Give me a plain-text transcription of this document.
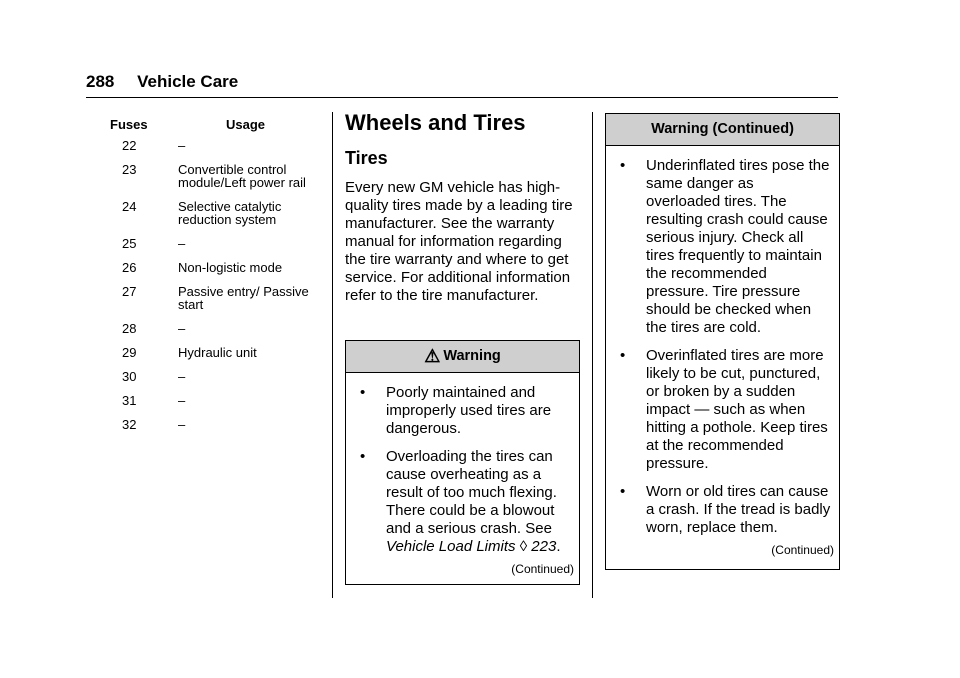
288 Vehicle Care
Fuses	Usage
22	–
23	Convertible control module/Left power rail
24	Selective catalytic reduction system
25	–
26	Non-logistic mode
27	Passive entry/ Passive start
28	–
29	Hydraulic unit
30	–
31	–
32	–
Wheels and Tires
Tires

Every new GM vehicle has high-quality tires made by a leading tire manufacturer. See the warranty manual for information regarding the tire warranty and where to get service. For additional information refer to the tire manufacturer.

⚠ Warning
• Poorly maintained and improperly used tires are dangerous.
• Overloading the tires can cause overheating as a result of too much flexing. There could be a blowout and a serious crash. See Vehicle Load Limits ◊ 223.
(Continued)
Warning (Continued)
• Underinflated tires pose the same danger as overloaded tires. The resulting crash could cause serious injury. Check all tires frequently to maintain the recommended pressure. Tire pressure should be checked when the tires are cold.
• Overinflated tires are more likely to be cut, punctured, or broken by a sudden impact — such as when hitting a pothole. Keep tires at the recommended pressure.
• Worn or old tires can cause a crash. If the tread is badly worn, replace them.
(Continued)
